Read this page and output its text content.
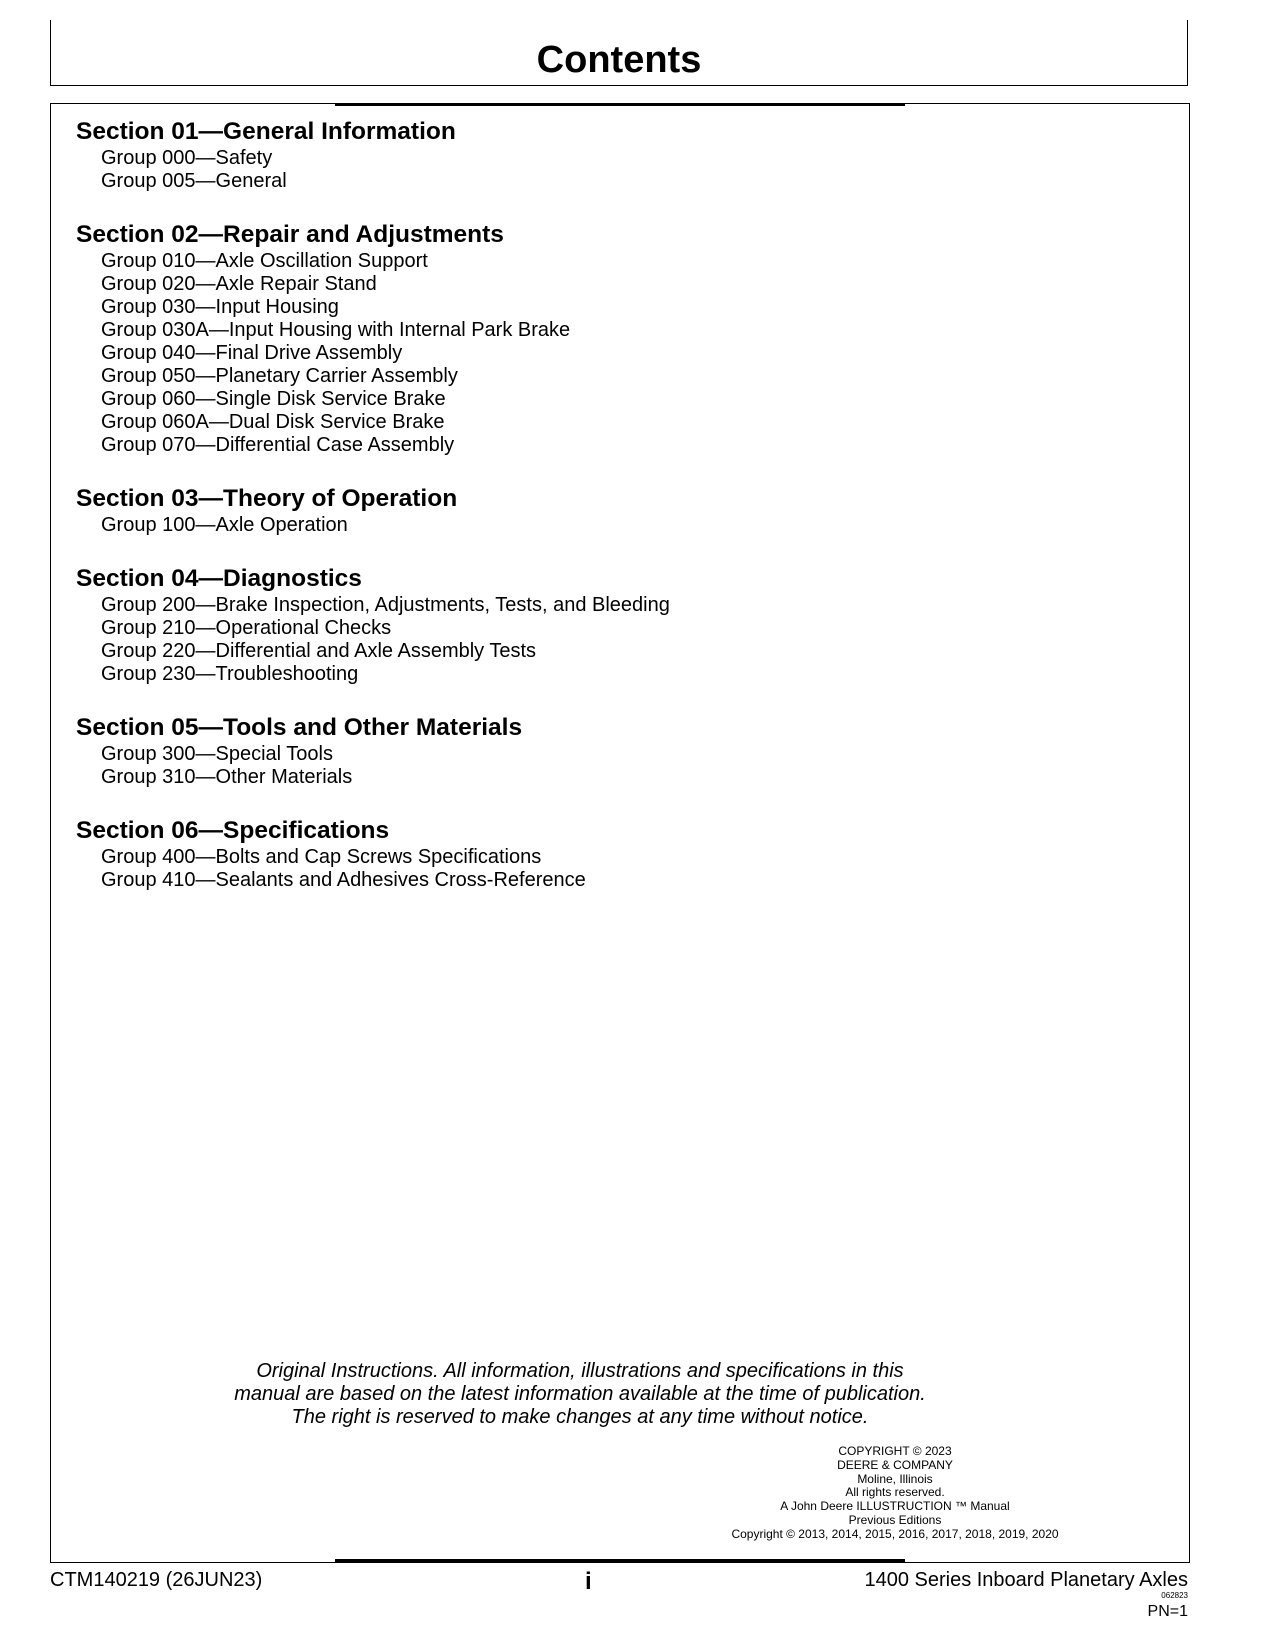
Contents
Section 01—General Information
Group 000—Safety
Group 005—General
Section 02—Repair and Adjustments
Group 010—Axle Oscillation Support
Group 020—Axle Repair Stand
Group 030—Input Housing
Group 030A—Input Housing with Internal Park Brake
Group 040—Final Drive Assembly
Group 050—Planetary Carrier Assembly
Group 060—Single Disk Service Brake
Group 060A—Dual Disk Service Brake
Group 070—Differential Case Assembly
Section 03—Theory of Operation
Group 100—Axle Operation
Section 04—Diagnostics
Group 200—Brake Inspection, Adjustments, Tests, and Bleeding
Group 210—Operational Checks
Group 220—Differential and Axle Assembly Tests
Group 230—Troubleshooting
Section 05—Tools and Other Materials
Group 300—Special Tools
Group 310—Other Materials
Section 06—Specifications
Group 400—Bolts and Cap Screws Specifications
Group 410—Sealants and Adhesives Cross-Reference
Original Instructions. All information, illustrations and specifications in this
manual are based on the latest information available at the time of publication.
The right is reserved to make changes at any time without notice.
COPYRIGHT © 2023
DEERE & COMPANY
Moline, Illinois
All rights reserved.
A John Deere ILLUSTRUCTION ™ Manual
Previous Editions
Copyright © 2013, 2014, 2015, 2016, 2017, 2018, 2019, 2020
CTM140219 (26JUN23)	i	1400 Series Inboard Planetary Axles
062823
PN=1
